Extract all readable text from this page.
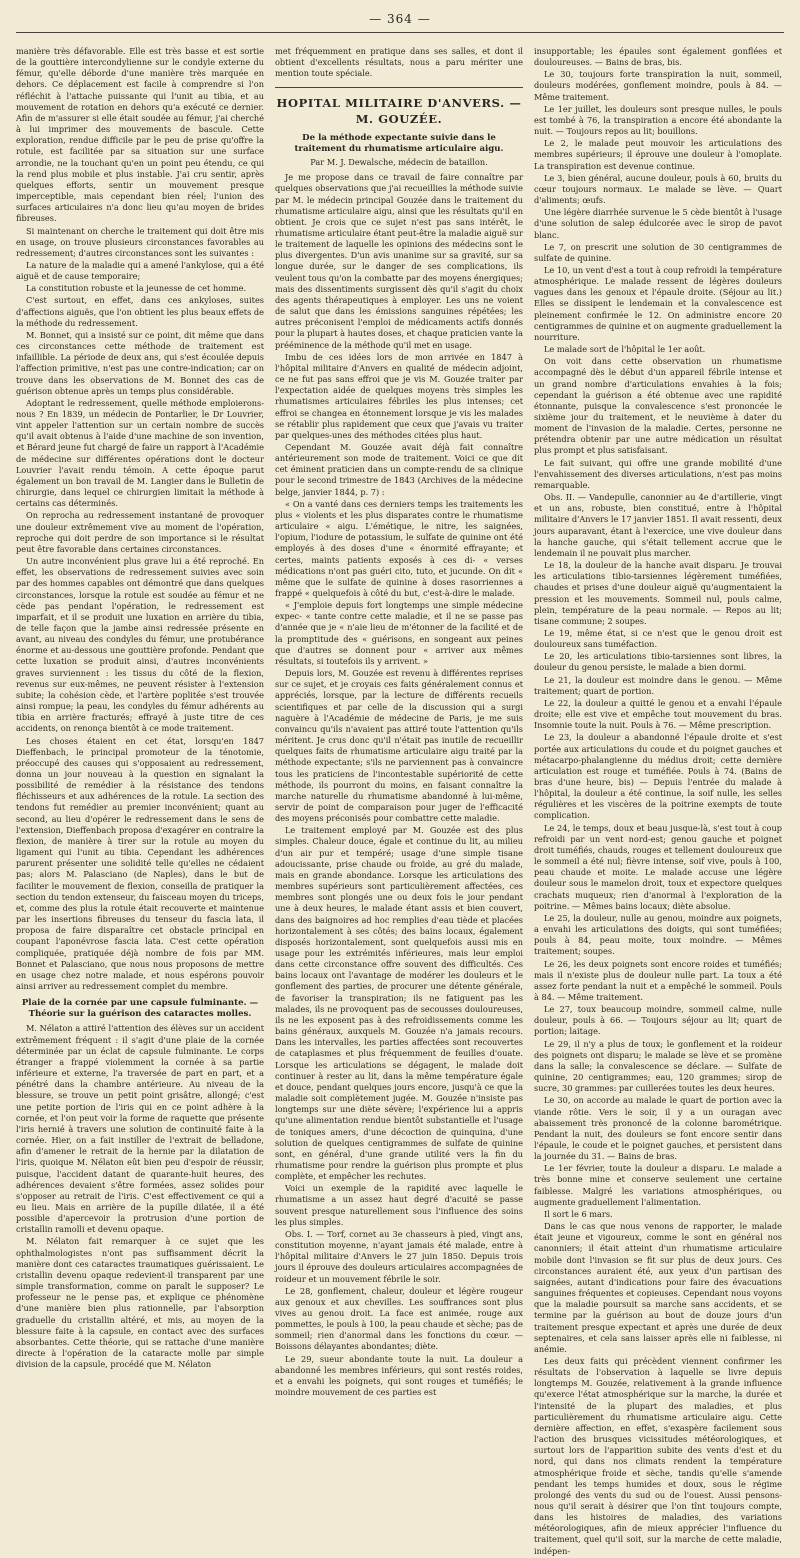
— 364 —

manière très défavorable. Elle est très basse et est sortie de la gouttière intercondylienne sur le condyle externe du fémur, qu'elle déborde d'une manière très marquée en dehors. Ce déplacement est facile à comprendre si l'on réfléchit à l'attache puissante qui l'unit au tibia, et au mouvement de rotation en dehors qu'a exécuté ce dernier. Afin de m'assurer si elle était soudée au fémur, j'ai cherché à lui imprimer des mouvements de bascule. Cette exploration, rendue difficile par le peu de prise qu'offre la rotule, est facilitée par sa situation sur une surface arrondie, ne la touchant qu'en un point peu étendu, ce qui la rend plus mobile et plus instable. J'ai cru sentir, après quelques efforts, sentir un mouvement presque imperceptible, mais cependant bien réel; l'union des surfaces articulaires n'a donc lieu qu'au moyen de brides fibreuses.

Si maintenant on cherche le traitement qui doit être mis en usage, on trouve plusieurs circonstances favorables au redressement; d'autres circonstances sont les suivantes :

La nature de la maladie qui a amené l'ankylose, qui a été aiguë et de cause temporaire;

La constitution robuste et la jeunesse de cet homme.

C'est surtout, en effet, dans ces ankyloses, suites d'affections aiguës, que l'on obtient les plus beaux effets de la méthode du redressement.

M. Bonnet, qui a insisté sur ce point, dit même que dans ces circonstances cette méthode de traitement est infaillible. La période de deux ans, qui s'est écoulée depuis l'affection primitive, n'est pas une contre-indication; car on trouve dans les observations de M. Bonnet des cas de guérison obtenue après un temps plus considérable.

Adoptant le redressement, quelle méthode emploierons-nous ? En 1839, un médecin de Pontarlier, le Dr Louvrier, vint appeler l'attention sur un certain nombre de succès qu'il avait obtenus à l'aide d'une machine de son invention, et Bérard jeune fut chargé de faire un rapport à l'Académie de médecine sur différentes opérations dont le docteur Louvrier l'avait rendu témoin. A cette époque parut également un bon travail de M. Langier dans le Bulletin de chirurgie, dans lequel ce chirurgien limitait la méthode à certains cas déterminés.

On reprocha au redressement instantané de provoquer une douleur extrêmement vive au moment de l'opération, reproche qui doit perdre de son importance si le résultat peut être favorable dans certaines circonstances.

Un autre inconvénient plus grave lui a été reproché. En effet, les observations de redressement suivies avec soin par des hommes capables ont démontré que dans quelques circonstances, lorsque la rotule est soudée au fémur et ne cède pas pendant l'opération, le redressement est imparfait, et il se produit une luxation en arrière du tibia, de telle façon que la jambe ainsi redressée présente en avant, au niveau des condyles du fémur, une protubérance énorme et au-dessous une gouttière profonde. Pendant que cette luxation se produit ainsi, d'autres inconvénients graves surviennent : les tissus du côté de la flexion, revenus sur eux-mêmes, ne peuvent résister à l'extension subite; la cohésion cède, et l'artère poplitée s'est trouvée ainsi rompue; la peau, les condyles du fémur adhérents au tibia en arrière fracturés; effrayé à juste titre de ces accidents, on renonça bientôt à ce mode traitement.

Les choses étaient en cet état, lorsqu'en 1847 Dieffenbach, le principal promoteur de la ténotomie, préoccupé des causes qui s'opposaient au redressement, donna un jour nouveau à la question en signalant la possibilité de remédier à la résistance des tendons fléchisseurs et aux adhérences de la rotule. La section des tendons fut remédier au premier inconvénient; quant au second, au lieu d'opérer le redressement dans le sens de l'extension, Dieffenbach proposa d'exagérer en contraire la flexion, de manière à tirer sur la rotule au moyen du ligament qui l'unit au tibia. Cependant les adhérences parurent présenter une solidité telle qu'elles ne cédaient pas; alors M. Palasciano (de Naples), dans le but de faciliter le mouvement de flexion, conseilla de pratiquer la section du tendon extenseur, du faisceau moyen du triceps, et, comme des plus la rotule était recouverte et maintenue par les insertions fibreuses du tenseur du fascia lata, il proposa de faire disparaître cet obstacle principal en coupant l'aponévrose fascia lata. C'est cette opération compliquée, pratiquée déjà nombre de fois par MM. Bonnet et Palasciano, que nous nous proposons de mettre en usage chez notre malade, et nous espérons pouvoir ainsi arriver au redressement complet du membre.

Plaie de la cornée par une capsule fulminante. — Théorie sur la guérison des cataractes molles.

M. Nélaton a attiré l'attention des élèves sur un accident extrêmement fréquent : il s'agit d'une plaie de la cornée déterminée par un éclat de capsule fulminante. Le corps étranger a frappé violemment la cornée à sa partie inférieure et externe, l'a traversée de part en part, et a pénétré dans la chambre antérieure. Au niveau de la blessure, se trouve un petit point grisâtre, allongé; c'est une petite portion de l'iris qui en ce point adhère à la cornée, et l'on peut voir la forme de raquette que présente l'iris hernié à travers une solution de continuité faite à la cornée. Hier, on a fait instiller de l'extrait de belladone, afin d'amener le retrait de la hernie par la dilatation de l'iris, quoique M. Nélaton eût bien peu d'espoir de réussir, puisque, l'accident datant de quarante-huit heures, des adhérences devaient s'être formées, assez solides pour s'opposer au retrait de l'iris. C'est effectivement ce qui a eu lieu. Mais en arrière de la pupille dilatée, il a été possible d'apercevoir la protrusion d'une portion de cristallin ramolli et devenu opaque.

M. Nélaton fait remarquer à ce sujet que les ophthalmologistes n'ont pas suffisamment décrit la manière dont ces cataractes traumatiques guérissaient. Le cristallin devenu opaque redevient-il transparent par une simple transformation, comme on paraît le supposer? Le professeur ne le pense pas, et explique ce phénomène d'une manière bien plus rationnelle, par l'absorption graduelle du cristallin altéré, et mis, au moyen de la blessure faite à la capsule, en contact avec des surfaces absorbantes. Cette théorie, qui se rattache d'une manière directe à l'opération de la cataracte molle par simple division de la capsule, procédé que M. Nélaton

met fréquemment en pratique dans ses salles, et dont il obtient d'excellents résultats, nous a paru mériter une mention toute spéciale.

HOPITAL MILITAIRE D'ANVERS. — M. GOUZÉE.
De la méthode expectante suivie dans le traitement du rhumatisme articulaire aigu.
Par M. J. Dewalsche, médecin de bataillon.

Je me propose dans ce travail de faire connaître par quelques observations que j'ai recueillies la méthode suivie par M. le médecin principal Gouzée dans le traitement du rhumatisme articulaire aigu, ainsi que les résultats qu'il en obtient. Je crois que ce sujet n'est pas sans intérêt, le rhumatisme articulaire étant peut-être la maladie aiguë sur le traitement de laquelle les opinions des médecins sont le plus divergentes. D'un avis unanime sur sa gravité, sur sa longue durée, sur le danger de ses complications, ils veulent tous qu'on la combatte par des moyens énergiques; mais des dissentiments surgissent dès qu'il s'agit du choix des agents thérapeutiques à employer. Les uns ne voient de salut que dans les émissions sanguines répétées; les autres préconisent l'emploi de médicaments actifs donnés pour la plupart à hautes doses, et chaque praticien vante la prééminence de la méthode qu'il met en usage.

Imbu de ces idées lors de mon arrivée en 1847 à l'hôpital militaire d'Anvers en qualité de médecin adjoint, ce ne fut pas sans effroi que je vis M. Gouzée traiter par l'expectation aidée de quelques moyens très simples les rhumatismes articulaires fébriles les plus intenses; cet effroi se changea en étonnement lorsque je vis les malades se rétablir plus rapidement que ceux que j'avais vu traiter par quelques-unes des méthodes citées plus haut.

Cependant M. Gouzée avait déjà fait connaître antérieurement son mode de traitement. Voici ce que dit cet éminent praticien dans un compte-rendu de sa clinique pour le second trimestre de 1843 (Archives de la médecine belge, janvier 1844, p. 7) :

« On a vanté dans ces derniers temps les traitements les plus « violents et les plus disparates contre le rhumatisme articulaire « aigu. L'émétique, le nitre, les saignées, l'opium, l'iodure de potassium, le sulfate de quinine ont été employés à des doses d'une « énormité effrayante; et certes, maints patients exposés à ces di- « verses médications n'ont pas guéri cito, tuto, et jucunde. On dit « même que le sulfate de quinine à doses rasorriennes a frappé « quelquefois à côté du but, c'est-à-dire le malade.

« J'emploie depuis fort longtemps une simple médecine expec- « tante contre cette maladie, et il ne se passe pas d'année que je « n'aie lieu de m'étonner de la facilité et de la promptitude des « guérisons, en songeant aux peines que d'autres se donnent pour « arriver aux mêmes résultats, si toutefois ils y arrivent. »

Depuis lors, M. Gouzée est revenu à différentes reprises sur ce sujet, et je croyais ces faits généralement connus et appréciés, lorsque, par la lecture de différents recueils scientifiques et par celle de la discussion qui a surgi naguère à l'Académie de médecine de Paris, je me suis convaincu qu'ils n'avaient pas attiré toute l'attention qu'ils méritent. Je crus donc qu'il n'était pas inutile de recueillir quelques faits de rhumatisme articulaire aigu traité par la méthode expectante; s'ils ne parviennent pas à convaincre tous les praticiens de l'incontestable supériorité de cette méthode, ils pourront du moins, en faisant connaître la marche naturelle du rhumatisme abandonné à lui-même, servir de point de comparaison pour juger de l'efficacité des moyens préconisés pour combattre cette maladie.

Le traitement employé par M. Gouzée est des plus simples. Chaleur douce, égale et continue du lit, au milieu d'un air pur et tempéré; usage d'une simple tisane adoucissante, prise chaude ou froide, au gré du malade, mais en grande abondance. Lorsque les articulations des membres supérieurs sont particulièrement affectées, ces membres sont plongés une ou deux fois le jour pendant une à deux heures, le malade étant assis et bien couvert, dans des baignoires ad hoc remplies d'eau tiède et placées horizontalement à ses côtés; des bains locaux, également disposés horizontalement, sont quelquefois aussi mis en usage pour les extrémités inférieures, mais leur emploi dans cette circonstance offre souvent des difficultés. Ces bains locaux ont l'avantage de modérer les douleurs et le gonflement des parties, de procurer une détente générale, de favoriser la transpiration; ils ne fatiguent pas les malades, ils ne provoquent pas de secousses douloureuses, ils ne les exposent pas à des refroidissements comme les bains généraux, auxquels M. Gouzée n'a jamais recours. Dans les intervalles, les parties affectées sont recouvertes de cataplasmes et plus fréquemment de feuilles d'ouate. Lorsque les articulations se dégagent, le malade doit continuer à rester au lit, dans la même température égale et douce, pendant quelques jours encore, jusqu'à ce que la maladie soit complètement jugée. M. Gouzée n'insiste pas longtemps sur une diète sévère; l'expérience lui a appris qu'une alimentation rendue bientôt substantielle et l'usage de toniques amers, d'une décoction de quinquina, d'une solution de quelques centigrammes de sulfate de quinine sont, en général, d'une grande utilité vers la fin du rhumatisme pour rendre la guérison plus prompte et plus complète, et empêcher les rechutes.

Voici un exemple de la rapidité avec laquelle le rhumatisme a un assez haut degré d'acuité se passe souvent presque naturellement sous l'influence des soins les plus simples.

Obs. I. — Torf, cornet au 3e chasseurs à pied, vingt ans, constitution moyenne, n'ayant jamais été malade, entre à l'hôpital militaire d'Anvers le 27 juin 1850. Depuis trois jours il éprouve des douleurs articulaires accompagnées de roideur et un mouvement fébrile le soir.

Le 28, gonflement, chaleur, douleur et légère rougeur aux genoux et aux chevilles. Les souffrances sont plus vives au genou droit. La face est animée, rouge aux pommettes, le pouls à 100, la peau chaude et sèche; pas de sommeil; rien d'anormal dans les fonctions du cœur. — Boissons délayantes abondantes; diète.

Le 29, sueur abondante toute la nuit. La douleur a abandonné les membres inférieurs, qui sont restés roides, et a envahi les poignets, qui sont rouges et tuméfiés; le moindre mouvement de ces parties est

insupportable; les épaules sont également gonflées et douloureuses. — Bains de bras, bis.

Le 30, toujours forte transpiration la nuit, sommeil, douleurs modérées, gonflement moindre, pouls à 84. — Même traitement.

Le 1er juillet, les douleurs sont presque nulles, le pouls est tombé à 76, la transpiration a encore été abondante la nuit. — Toujours repos au lit; bouillons.

Le 2, le malade peut mouvoir les articulations des membres supérieurs; il éprouve une douleur à l'omoplate. La transpiration est devenue continue.

Le 3, bien général, aucune douleur, pouls à 60, bruits du cœur toujours normaux. Le malade se lève. — Quart d'aliments; œufs.

Une légère diarrhée survenue le 5 cède bientôt à l'usage d'une solution de salep édulcorée avec le sirop de pavot blanc.

Le 7, on prescrit une solution de 30 centigrammes de sulfate de quinine.

Le 10, un vent d'est a tout à coup refroidi la température atmosphérique. Le malade ressent de légères douleurs vagues dans les genoux et l'épaule droite. (Séjour au lit.) Elles se dissipent le lendemain et la convalescence est pleinement confirmée le 12. On administre encore 20 centigrammes de quinine et on augmente graduellement la nourriture.

Le malade sort de l'hôpital le 1er août.

On voit dans cette observation un rhumatisme accompagné dès le début d'un appareil fébrile intense et un grand nombre d'articulations envahies à la fois; cependant la guérison a été obtenue avec une rapidité étonnante, puisque la convalescence s'est prononcée le sixième jour du traitement, et le neuvième à dater du moment de l'invasion de la maladie. Certes, personne ne prétendra obtenir par une autre médication un résultat plus prompt et plus satisfaisant.

Le fait suivant, qui offre une grande mobilité d'une l'envahissement des diverses articulations, n'est pas moins remarquable.

Obs. II. — Vandepulle, canonnier au 4e d'artillerie, vingt et un ans, robuste, bien constitué, entre à l'hôpital militaire d'Anvers le 17 janvier 1851. Il avait ressenti, deux jours auparavant, étant à l'exercice, une vive douleur dans la hanche gauche, qui s'était tellement accrue que le lendemain il ne pouvait plus marcher.

Le 18, la douleur de la hanche avait disparu. Je trouvai les articulations tibio-tarsiennes légèrement tuméfiées, chaudes et prises d'une douleur aiguë qu'augmentaient la pression et les mouvements. Sommeil nul, pouls calme, plein, température de la peau normale. — Repos au lit; tisane commune; 2 soupes.

Le 19, même état, si ce n'est que le genou droit est douloureux sans tuméfaction.

Le 20, les articulations tibio-tarsiennes sont libres, la douleur du genou persiste, le malade a bien dormi.

Le 21, la douleur est moindre dans le genou. — Même traitement; quart de portion.

Le 22, la douleur a quitté le genou et a envahi l'épaule droite; elle est vive et empêche tout mouvement du bras. Insomnie toute la nuit. Pouls à 76. — Même prescription.

Le 23, la douleur a abandonné l'épaule droite et s'est portée aux articulations du coude et du poignet gauches et métacarpo-phalangienne du médius droit; cette dernière articulation est rouge et tuméfiée. Pouls à 74. (Bains de bras d'une heure, bis) — Depuis l'entrée du malade à l'hôpital, la douleur a été continue, la soif nulle, les selles régulières et les viscères de la poitrine exempts de toute complication.

Le 24, le temps, doux et beau jusque-là, s'est tout à coup refroidi par un vent nord-est; genou gauche et poignet droit tuméfiés, chauds, rouges et tellement douloureux que le sommeil a été nul; fièvre intense, soif vive, pouls à 100, peau chaude et moite. Le malade accuse une légère douleur sous le mamelon droit, toux et expectore quelques crachats muqueux; rien d'anormal à l'exploration de la poitrine. — Mêmes bains locaux; diète absolue.

Le 25, la douleur, nulle au genou, moindre aux poignets, a envahi les articulations des doigts, qui sont tuméfiées; pouls à 84, peau moite, toux moindre. — Mêmes traitement; soupes.

Le 26, les deux poignets sont encore roides et tuméfiés; mais il n'existe plus de douleur nulle part. La toux a été assez forte pendant la nuit et a empêché le sommeil. Pouls à 84. — Même traitement.

Le 27, toux beaucoup moindre, sommeil calme, nulle douleur, pouls à 66. — Toujours séjour au lit; quart de portion; laitage.

Le 29, il n'y a plus de toux; le gonflement et la roideur des poignets ont disparu; le malade se lève et se promène dans la salle; la convalescence se déclare. — Sulfate de quinine, 20 centigrammes; eau, 120 grammes; sirop de sucre, 30 grammes: par cuillerées toutes les deux heures.

Le 30, on accorde au malade le quart de portion avec la viande rôtie. Vers le soir, il y a un ouragan avec abaissement très prononcé de la colonne barométrique. Pendant la nuit, des douleurs se font encore sentir dans l'épaule, le coude et le poignet gauches, et persistent dans la journée du 31. — Bains de bras.

Le 1er février, toute la douleur a disparu. Le malade a très bonne mine et conserve seulement une certaine faiblesse. Malgré les variations atmosphériques, ou augmente graduellement l'alimentation.

Il sort le 6 mars.

Dans le cas que nous venons de rapporter, le malade était jeune et vigoureux, comme le sont en général nos canonniers; il était atteint d'un rhumatisme articulaire mobile dont l'invasion se fit sur plus de deux jours. Ces circonstances auraient été, aux yeux d'un partisan des saignées, autant d'indications pour faire des évacuations sanguines fréquentes et copieuses. Cependant nous voyons que la maladie poursuit sa marche sans accidents, et se termine par la guérison au bout de douze jours d'un traitement presque expectant et après une durée de deux septenaires, et cela sans laisser après elle ni faiblesse, ni anémie.

Les deux faits qui précèdent viennent confirmer les résultats de l'observation à laquelle se livre depuis longtemps M. Gouzée, relativement à la grande influence qu'exerce l'état atmosphérique sur la marche, la durée et l'intensité de la plupart des maladies, et plus particulièrement du rhumatisme articulaire aigu. Cette dernière affection, en effet, s'exaspère facilement sous l'action des brusques vicissitudes météorologiques, et surtout lors de l'apparition subite des vents d'est et du nord, qui dans nos climats rendent la température atmosphérique froide et sèche, tandis qu'elle s'amende pendant les temps humides et doux, sous le régime prolongé des vents du sud ou de l'ouest. Aussi pensons-nous qu'il serait à désirer que l'on tînt toujours compte, dans les histoires de maladies, des variations météorologiques, afin de mieux apprécier l'influence du traitement, quel qu'il soit, sur la marche de cette maladie, indépen-
